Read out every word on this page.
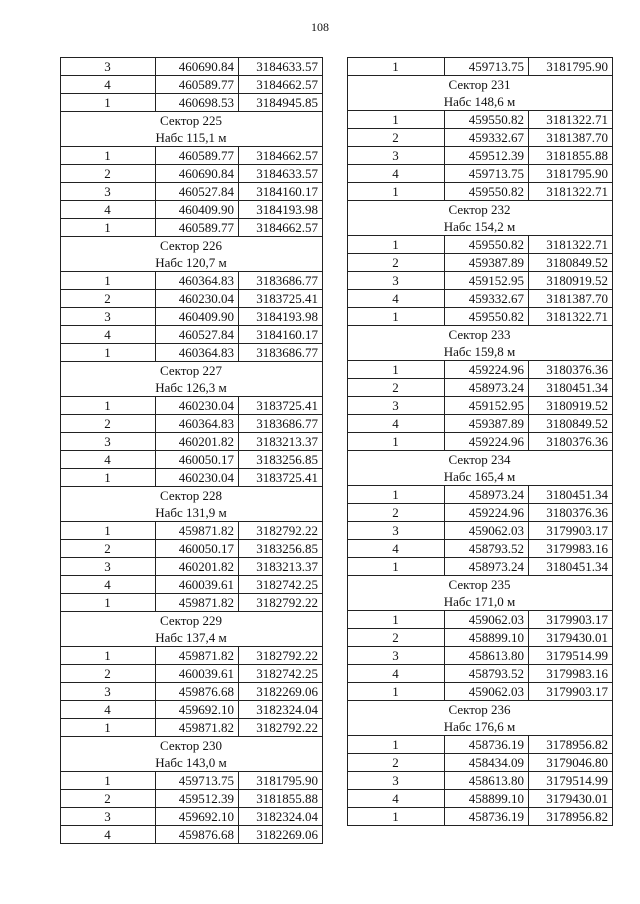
108
3	460690.84	3184633.57
4	460589.77	3184662.57
1	460698.53	3184945.85
Сектор 225		
Набс 115,1 м		
1	460589.77	3184662.57
2	460690.84	3184633.57
3	460527.84	3184160.17
4	460409.90	3184193.98
1	460589.77	3184662.57
Сектор 226		
Набс 120,7 м		
1	460364.83	3183686.77
2	460230.04	3183725.41
3	460409.90	3184193.98
4	460527.84	3184160.17
1	460364.83	3183686.77
Сектор 227		
Набс 126,3 м		
1	460230.04	3183725.41
2	460364.83	3183686.77
3	460201.82	3183213.37
4	460050.17	3183256.85
1	460230.04	3183725.41
Сектор 228		
Набс 131,9 м		
1	459871.82	3182792.22
2	460050.17	3183256.85
3	460201.82	3183213.37
4	460039.61	3182742.25
1	459871.82	3182792.22
Сектор 229		
Набс 137,4 м		
1	459871.82	3182792.22
2	460039.61	3182742.25
3	459876.68	3182269.06
4	459692.10	3182324.04
1	459871.82	3182792.22
Сектор 230		
Набс 143,0 м		
1	459713.75	3181795.90
2	459512.39	3181855.88
3	459692.10	3182324.04
4	459876.68	3182269.06
1	459713.75	3181795.90
Сектор 231		
Набс 148,6 м		
1	459550.82	3181322.71
2	459332.67	3181387.70
3	459512.39	3181855.88
4	459713.75	3181795.90
1	459550.82	3181322.71
Сектор 232		
Набс 154,2 м		
1	459550.82	3181322.71
2	459387.89	3180849.52
3	459152.95	3180919.52
4	459332.67	3181387.70
1	459550.82	3181322.71
Сектор 233		
Набс 159,8 м		
1	459224.96	3180376.36
2	458973.24	3180451.34
3	459152.95	3180919.52
4	459387.89	3180849.52
1	459224.96	3180376.36
Сектор 234		
Набс 165,4 м		
1	458973.24	3180451.34
2	459224.96	3180376.36
3	459062.03	3179903.17
4	458793.52	3179983.16
1	458973.24	3180451.34
Сектор 235		
Набс 171,0 м		
1	459062.03	3179903.17
2	458899.10	3179430.01
3	458613.80	3179514.99
4	458793.52	3179983.16
1	459062.03	3179903.17
Сектор 236		
Набс 176,6 м		
1	458736.19	3178956.82
2	458434.09	3179046.80
3	458613.80	3179514.99
4	458899.10	3179430.01
1	458736.19	3178956.82
